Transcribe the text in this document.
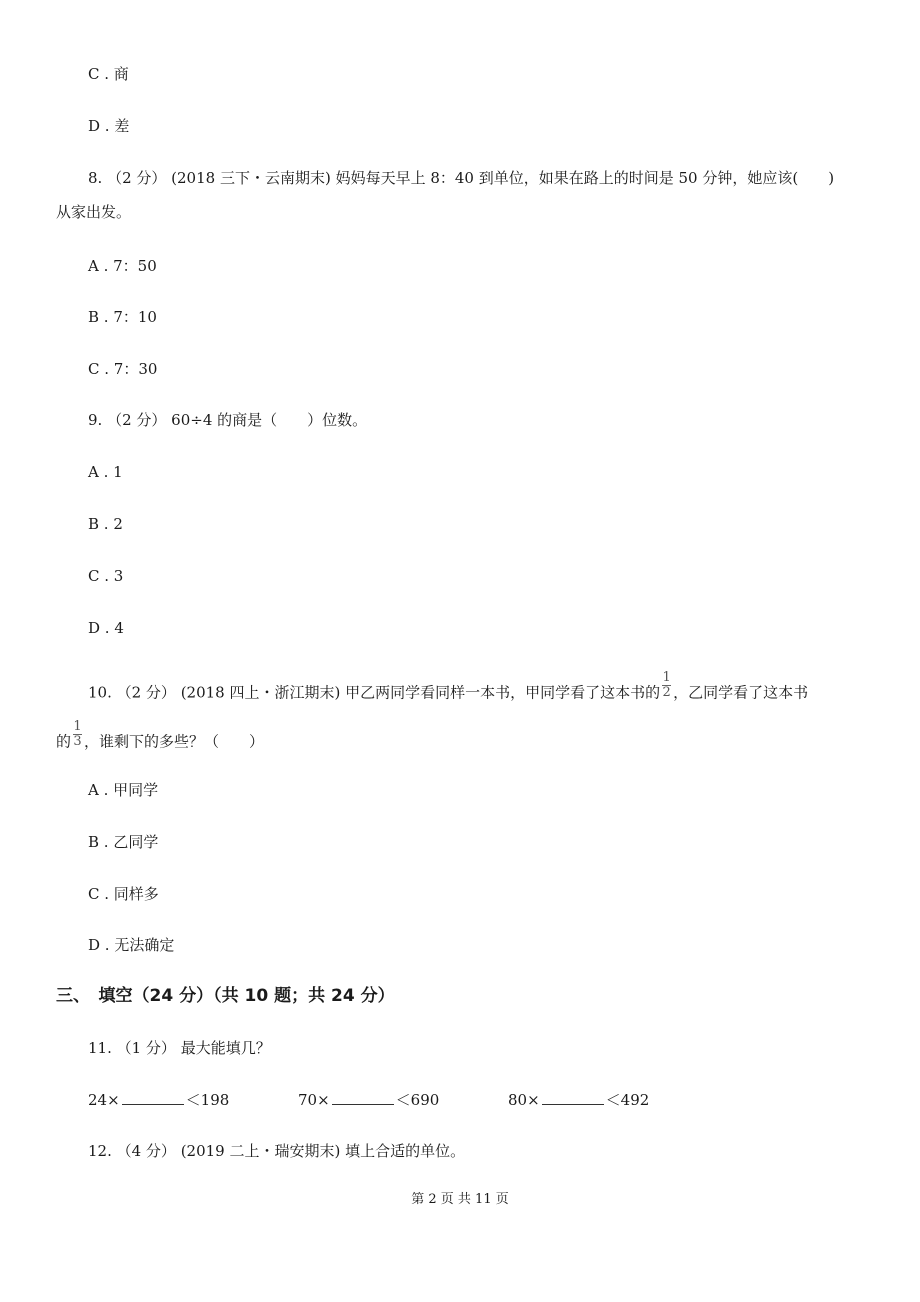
C . 商
D . 差
8. （2 分） (2018 三下・云南期末) 妈妈每天早上 8：40 到单位，如果在路上的时间是 50 分钟，她应该(　　)
从家出发。
A . 7：50
B . 7：10
C . 7：30
9. （2 分） 60÷4 的商是（　　）位数。
A . 1
B . 2
C . 3
D . 4
10. （2 分） (2018 四上・浙江期末) 甲乙两同学看同样一本书，甲同学看了这本书的 $\frac{1}{2}$ ，乙同学看了这本书
的 $\frac{1}{3}$ ，谁剩下的多些？（　　）
A . 甲同学
B . 乙同学
C . 同样多
D . 无法确定
三、　填空（24 分）（共 10 题；共 24 分）
11. （1 分） 最大能填几？
24×	＜198	70×	＜690	80×	＜492
12. （4 分） (2019 二上・瑞安期末) 填上合适的单位。
第 2 页 共 11 页
